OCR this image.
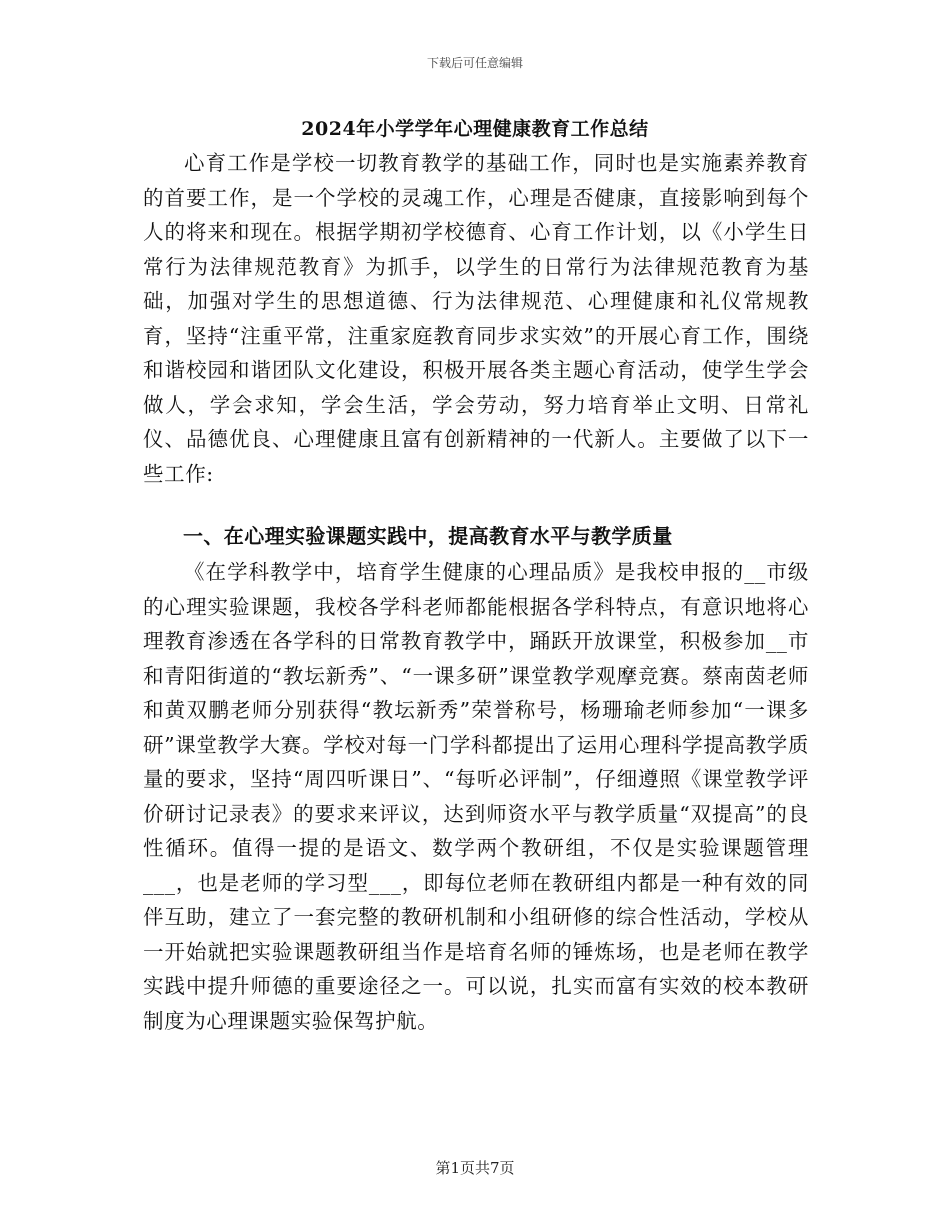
下载后可任意编辑
2024年小学学年心理健康教育工作总结

心育工作是学校一切教育教学的基础工作，同时也是实施素养教育的首要工作，是一个学校的灵魂工作，心理是否健康，直接影响到每个人的将来和现在。根据学期初学校德育、心育工作计划，以《小学生日常行为法律规范教育》为抓手，以学生的日常行为法律规范教育为基础，加强对学生的思想道德、行为法律规范、心理健康和礼仪常规教育，坚持“注重平常，注重家庭教育同步求实效”的开展心育工作，围绕和谐校园和谐团队文化建设，积极开展各类主题心育活动，使学生学会做人，学会求知，学会生活，学会劳动，努力培育举止文明、日常礼仪、品德优良、心理健康且富有创新精神的一代新人。主要做了以下一些工作:

一、在心理实验课题实践中，提高教育水平与教学质量

《在学科教学中，培育学生健康的心理品质》是我校申报的__市级的心理实验课题，我校各学科老师都能根据各学科特点，有意识地将心理教育渗透在各学科的日常教育教学中，踊跃开放课堂，积极参加__市和青阳街道的“教坛新秀”、“一课多研”课堂教学观摩竞赛。蔡南茵老师和黄双鹏老师分别获得“教坛新秀”荣誉称号，杨珊瑜老师参加“一课多研”课堂教学大赛。学校对每一门学科都提出了运用心理科学提高教学质量的要求，坚持“周四听课日”、“每听必评制”，仔细遵照《课堂教学评价研讨记录表》的要求来评议，达到师资水平与教学质量“双提高”的良性循环。值得一提的是语文、数学两个教研组，不仅是实验课题管理___，也是老师的学习型___，即每位老师在教研组内都是一种有效的同伴互助，建立了一套完整的教研机制和小组研修的综合性活动，学校从一开始就把实验课题教研组当作是培育名师的锤炼场，也是老师在教学实践中提升师德的重要途径之一。可以说，扎实而富有实效的校本教研制度为心理课题实验保驾护航。

第1页共7页
